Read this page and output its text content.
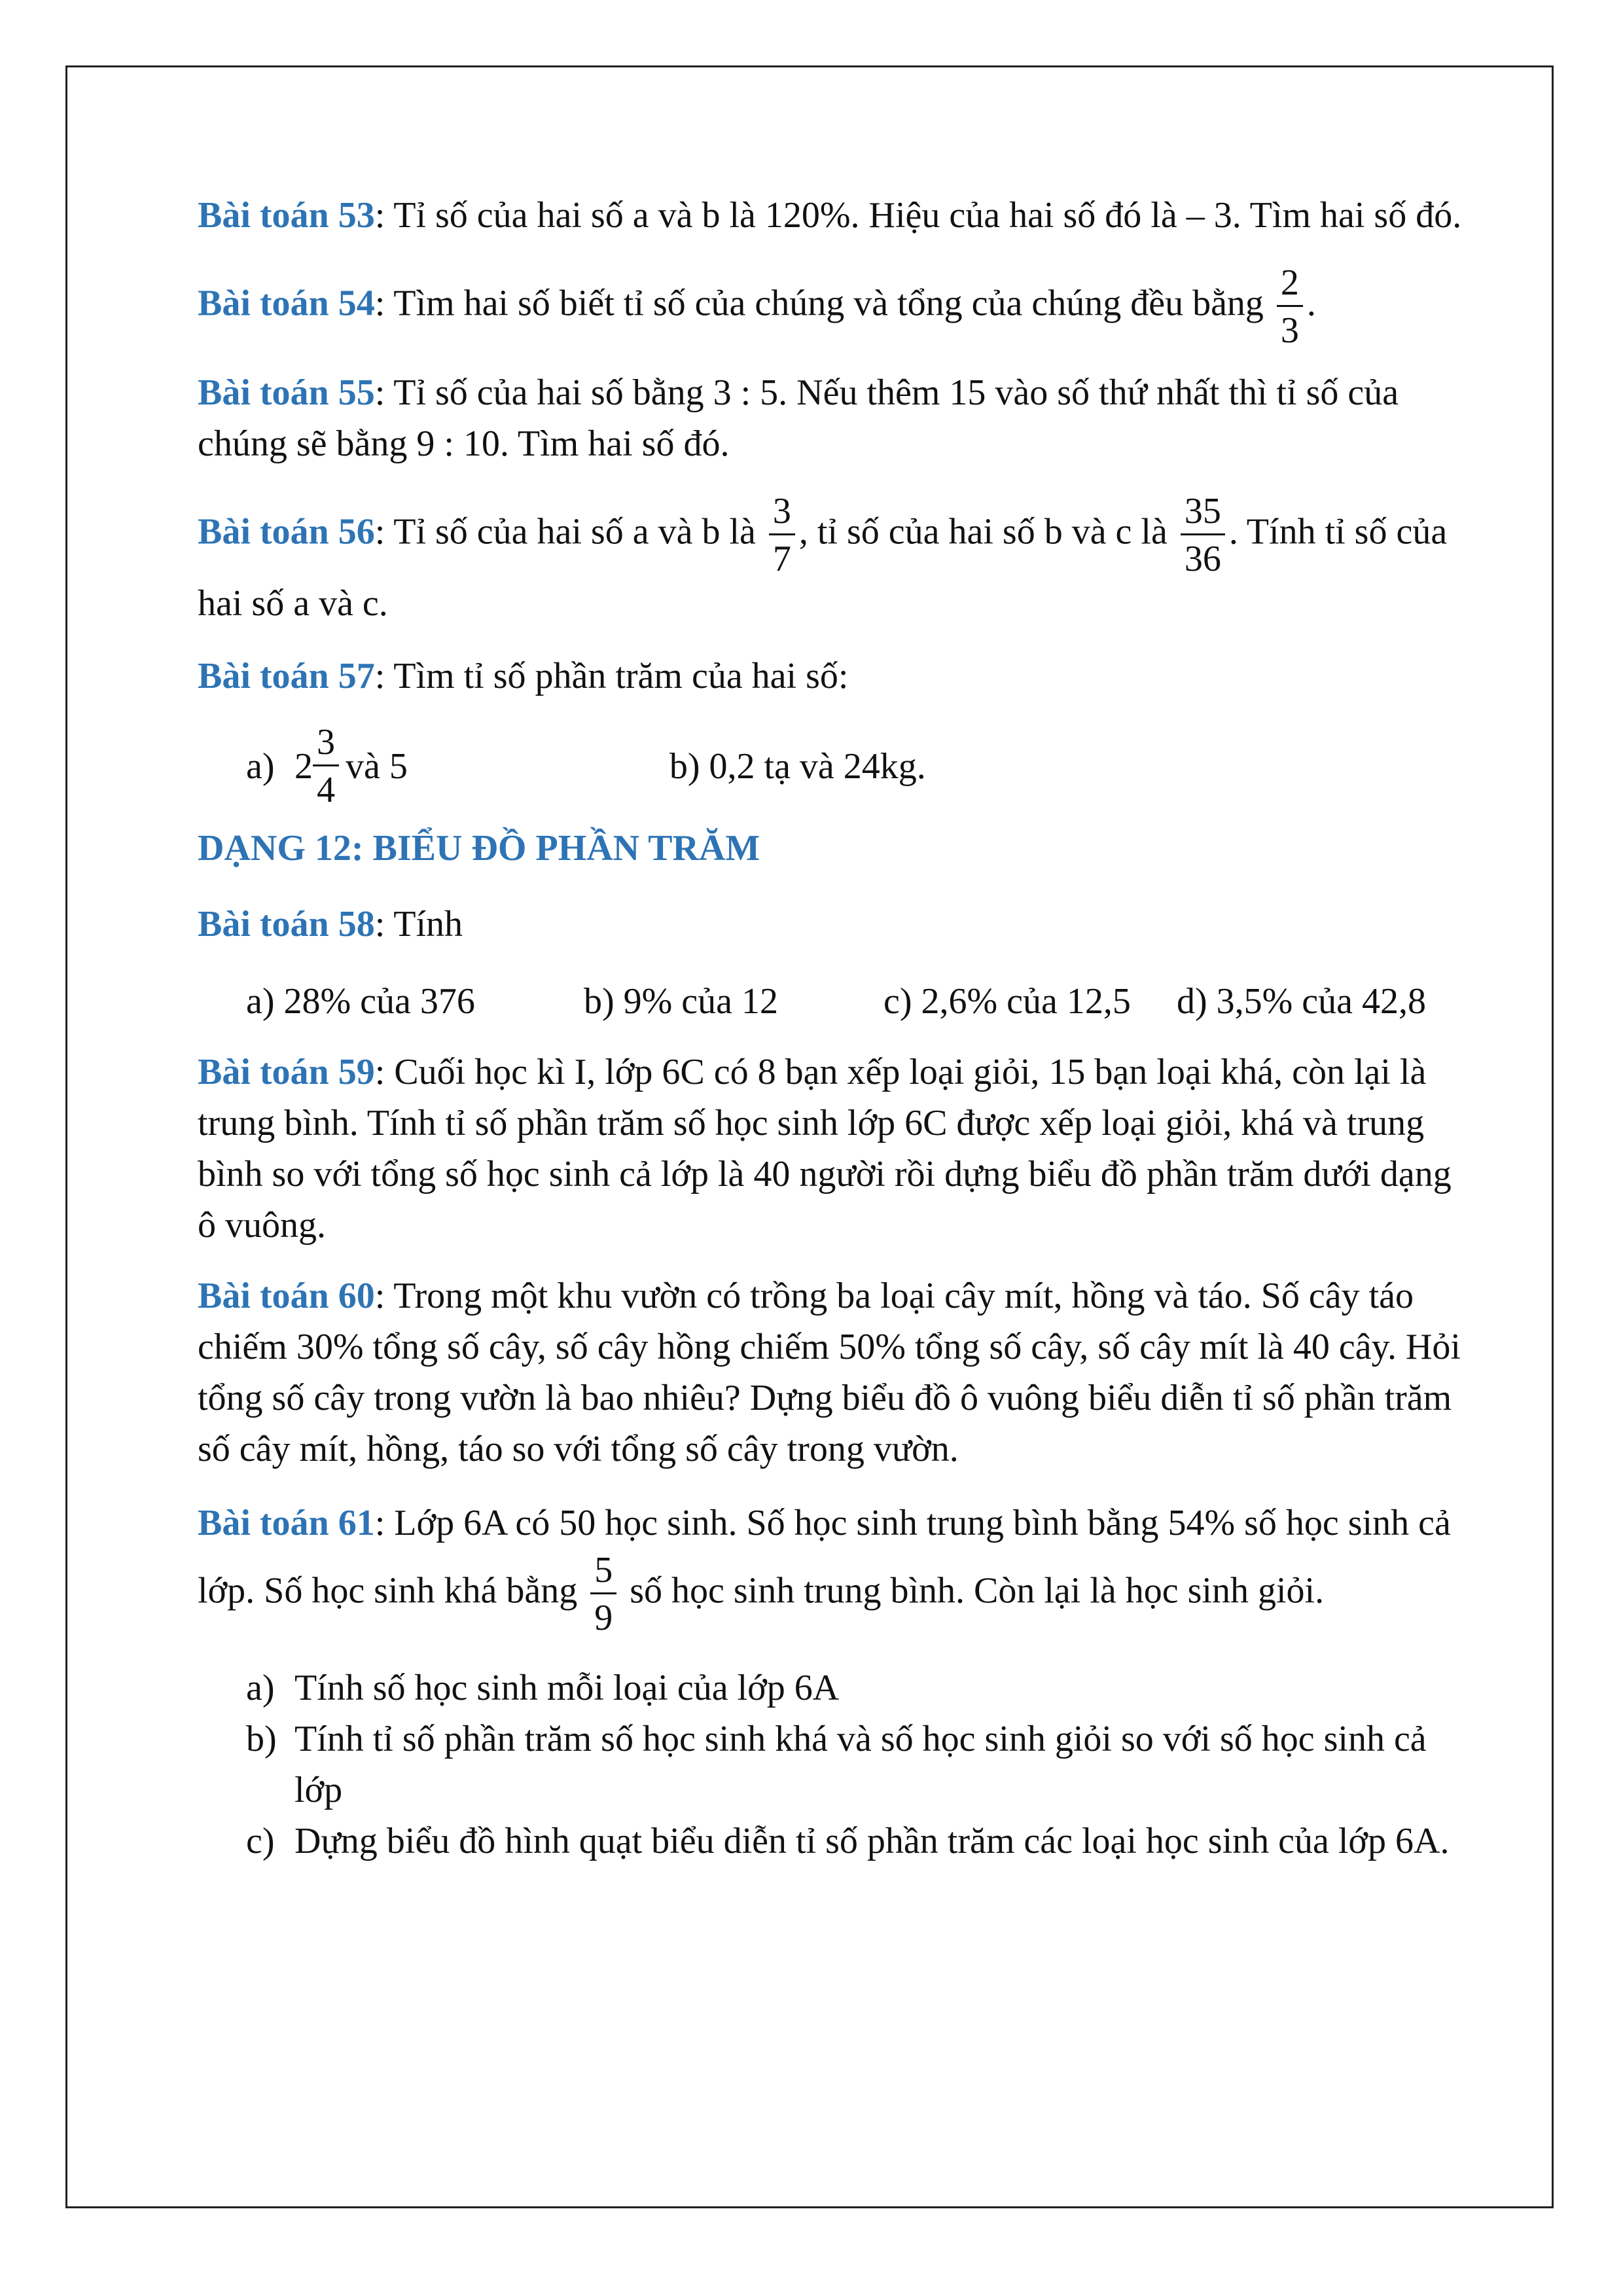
Bài toán 53: Tỉ số của hai số a và b là 120%. Hiệu của hai số đó là – 3. Tìm hai số đó.

Bài toán 54: Tìm hai số biết tỉ số của chúng và tổng của chúng đều bằng $\frac{2}{3}$ .

Bài toán 55: Tỉ số của hai số bằng 3 : 5. Nếu thêm 15 vào số thứ nhất thì tỉ số của chúng sẽ bằng 9 : 10. Tìm hai số đó.

Bài toán 56: Tỉ số của hai số a và b là $\frac{3}{7}$ , tỉ số của hai số b và c là $\frac{35}{36}$ . Tính tỉ số của hai số a và c.

Bài toán 57: Tìm tỉ số phần trăm của hai số:

a) $2 \frac{3}{4}$ và 5	b) 0,2 tạ và 24kg.

DẠNG 12: BIỂU ĐỒ PHẦN TRĂM

Bài toán 58: Tính

a) 28% của 376	b) 9% của 12	c) 2,6% của 12,5 d) 3,5% của 42,8

Bài toán 59: Cuối học kì I, lớp 6C có 8 bạn xếp loại giỏi, 15 bạn loại khá, còn lại là trung bình. Tính tỉ số phần trăm số học sinh lớp 6C được xếp loại giỏi, khá và trung bình so với tổng số học sinh cả lớp là 40 người rồi dựng biểu đồ phần trăm dưới dạng ô vuông.

Bài toán 60: Trong một khu vườn có trồng ba loại cây mít, hồng và táo. Số cây táo chiếm 30% tổng số cây, số cây hồng chiếm 50% tổng số cây, số cây mít là 40 cây. Hỏi tổng số cây trong vườn là bao nhiêu? Dựng biểu đồ ô vuông biểu diễn tỉ số phần trăm số cây mít, hồng, táo so với tổng số cây trong vườn.

Bài toán 61: Lớp 6A có 50 học sinh. Số học sinh trung bình bằng 54% số học sinh cả lớp. Số học sinh khá bằng $\frac{5}{9}$ số học sinh trung bình. Còn lại là học sinh giỏi.

a) Tính số học sinh mỗi loại của lớp 6A
b) Tính tỉ số phần trăm số học sinh khá và số học sinh giỏi so với số học sinh cả lớp
c) Dựng biểu đồ hình quạt biểu diễn tỉ số phần trăm các loại học sinh của lớp 6A.
